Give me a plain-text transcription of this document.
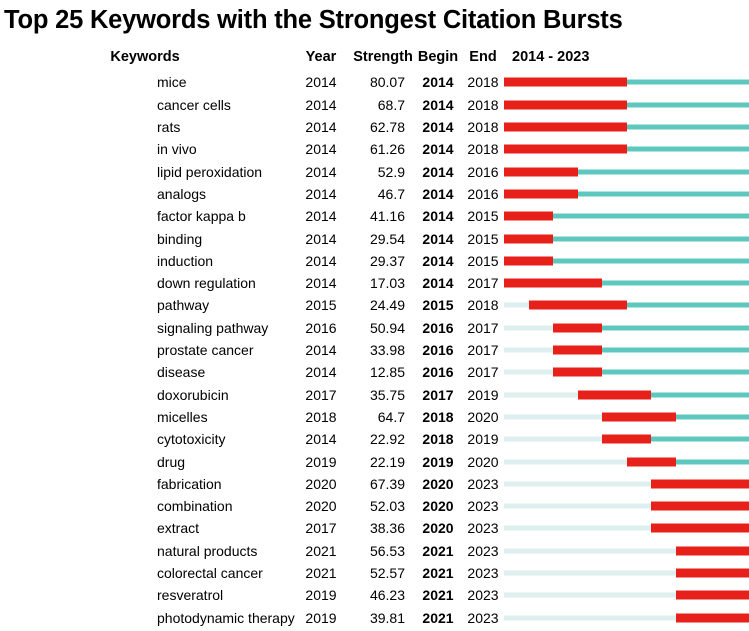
Top 25 Keywords with the Strongest Citation Bursts
Keywords	Year	Strength	Begin	End	2014 - 2023
mice	2014	80.07	2014	2018	

cancer cells	2014	68.7	2014	2018	

rats	2014	62.78	2014	2018	

in vivo	2014	61.26	2014	2018	

lipid peroxidation	2014	52.9	2014	2016	

analogs	2014	46.7	2014	2016	

factor kappa b	2014	41.16	2014	2015	

binding	2014	29.54	2014	2015	

induction	2014	29.37	2014	2015	

down regulation	2014	17.03	2014	2017	

pathway	2015	24.49	2015	2018	

signaling pathway	2016	50.94	2016	2017	

prostate cancer	2014	33.98	2016	2017	

disease	2014	12.85	2016	2017	

doxorubicin	2017	35.75	2017	2019	

micelles	2018	64.7	2018	2020	

cytotoxicity	2014	22.92	2018	2019	

drug	2019	22.19	2019	2020	

fabrication	2020	67.39	2020	2023	

combination	2020	52.03	2020	2023	

extract	2017	38.36	2020	2023	

natural products	2021	56.53	2021	2023	

colorectal cancer	2021	52.57	2021	2023	

resveratrol	2019	46.23	2021	2023	

photodynamic therapy	2019	39.81	2021	2023	
